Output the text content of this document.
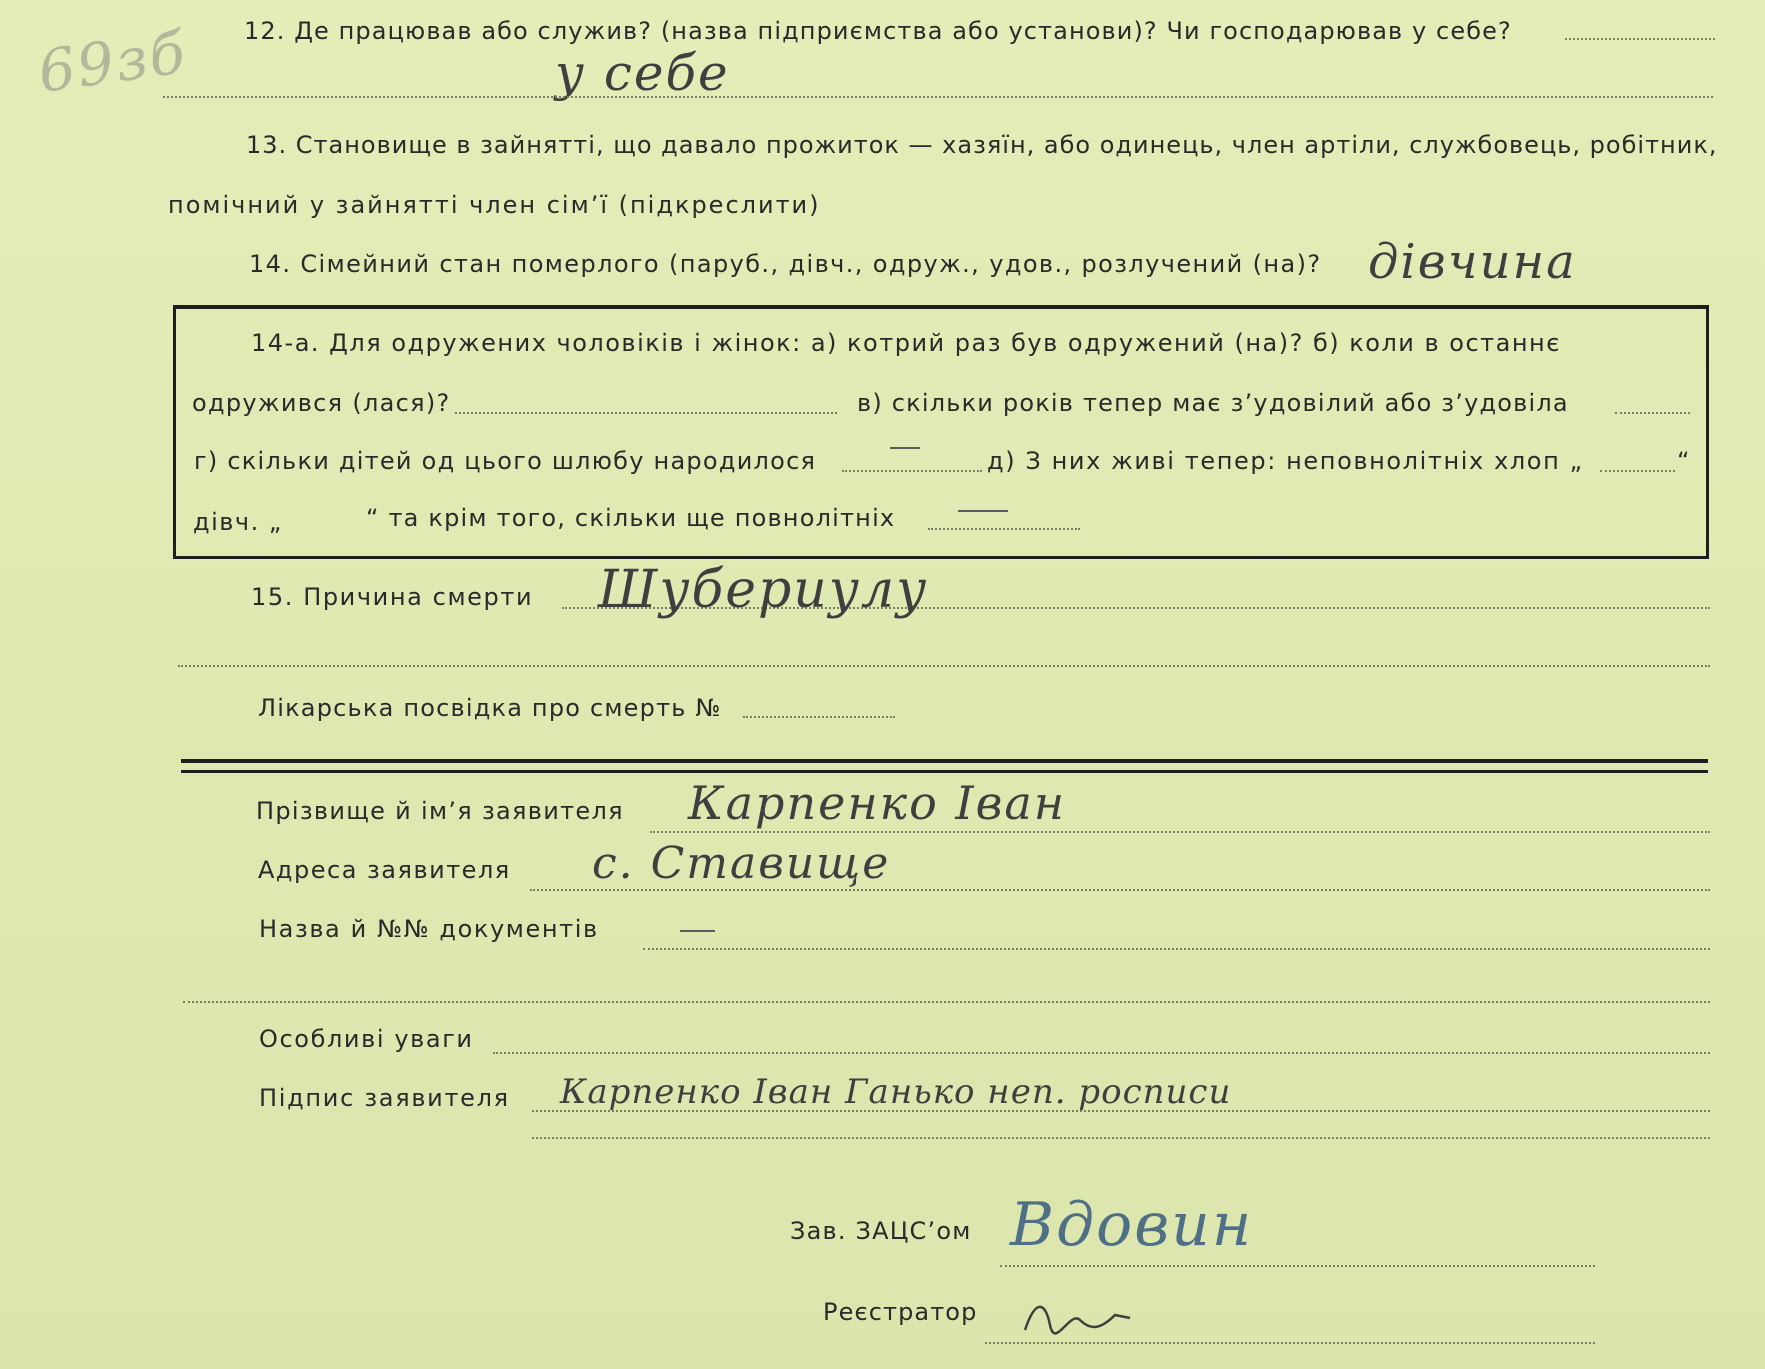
69зб 12. Де працював або служив? (назва підприємства або установи)? Чи господарював у себе?
у себе
13. Становище в зайнятті, що давало прожиток — хазяїн, або одинець, член артіли, службовець, робітник,
помічний у зайнятті член сім’ї (підкреслити)
14. Сімейний стан померлого (паруб., дівч., одруж., удов., розлучений (на)? дівчина
14-а. Для одружених чоловіків і жінок: а) котрий раз був одружений (на)? б) коли в останнє
одружився (лася)?	в) скільки років тепер має з’удовілий або з’удовіла
г) скільки дітей од цього шлюбу народилося	д) З них живі тепер: неповнолітніх хлоп „	“
дівч. „	“ та крім того, скільки ще повнолітніх
15. Причина смерти Шубериулу
Лікарська посвідка про смерть №
Прізвище й ім’я заявителя Карпенко Іван
Адреса заявителя с. Ставище
Назва й №№ документів
Особливі уваги
Підпис заявителя Карпенко Іван Ганько неп. росписи
Зав. ЗАЦС’ом Вдовин
Реєстратор
